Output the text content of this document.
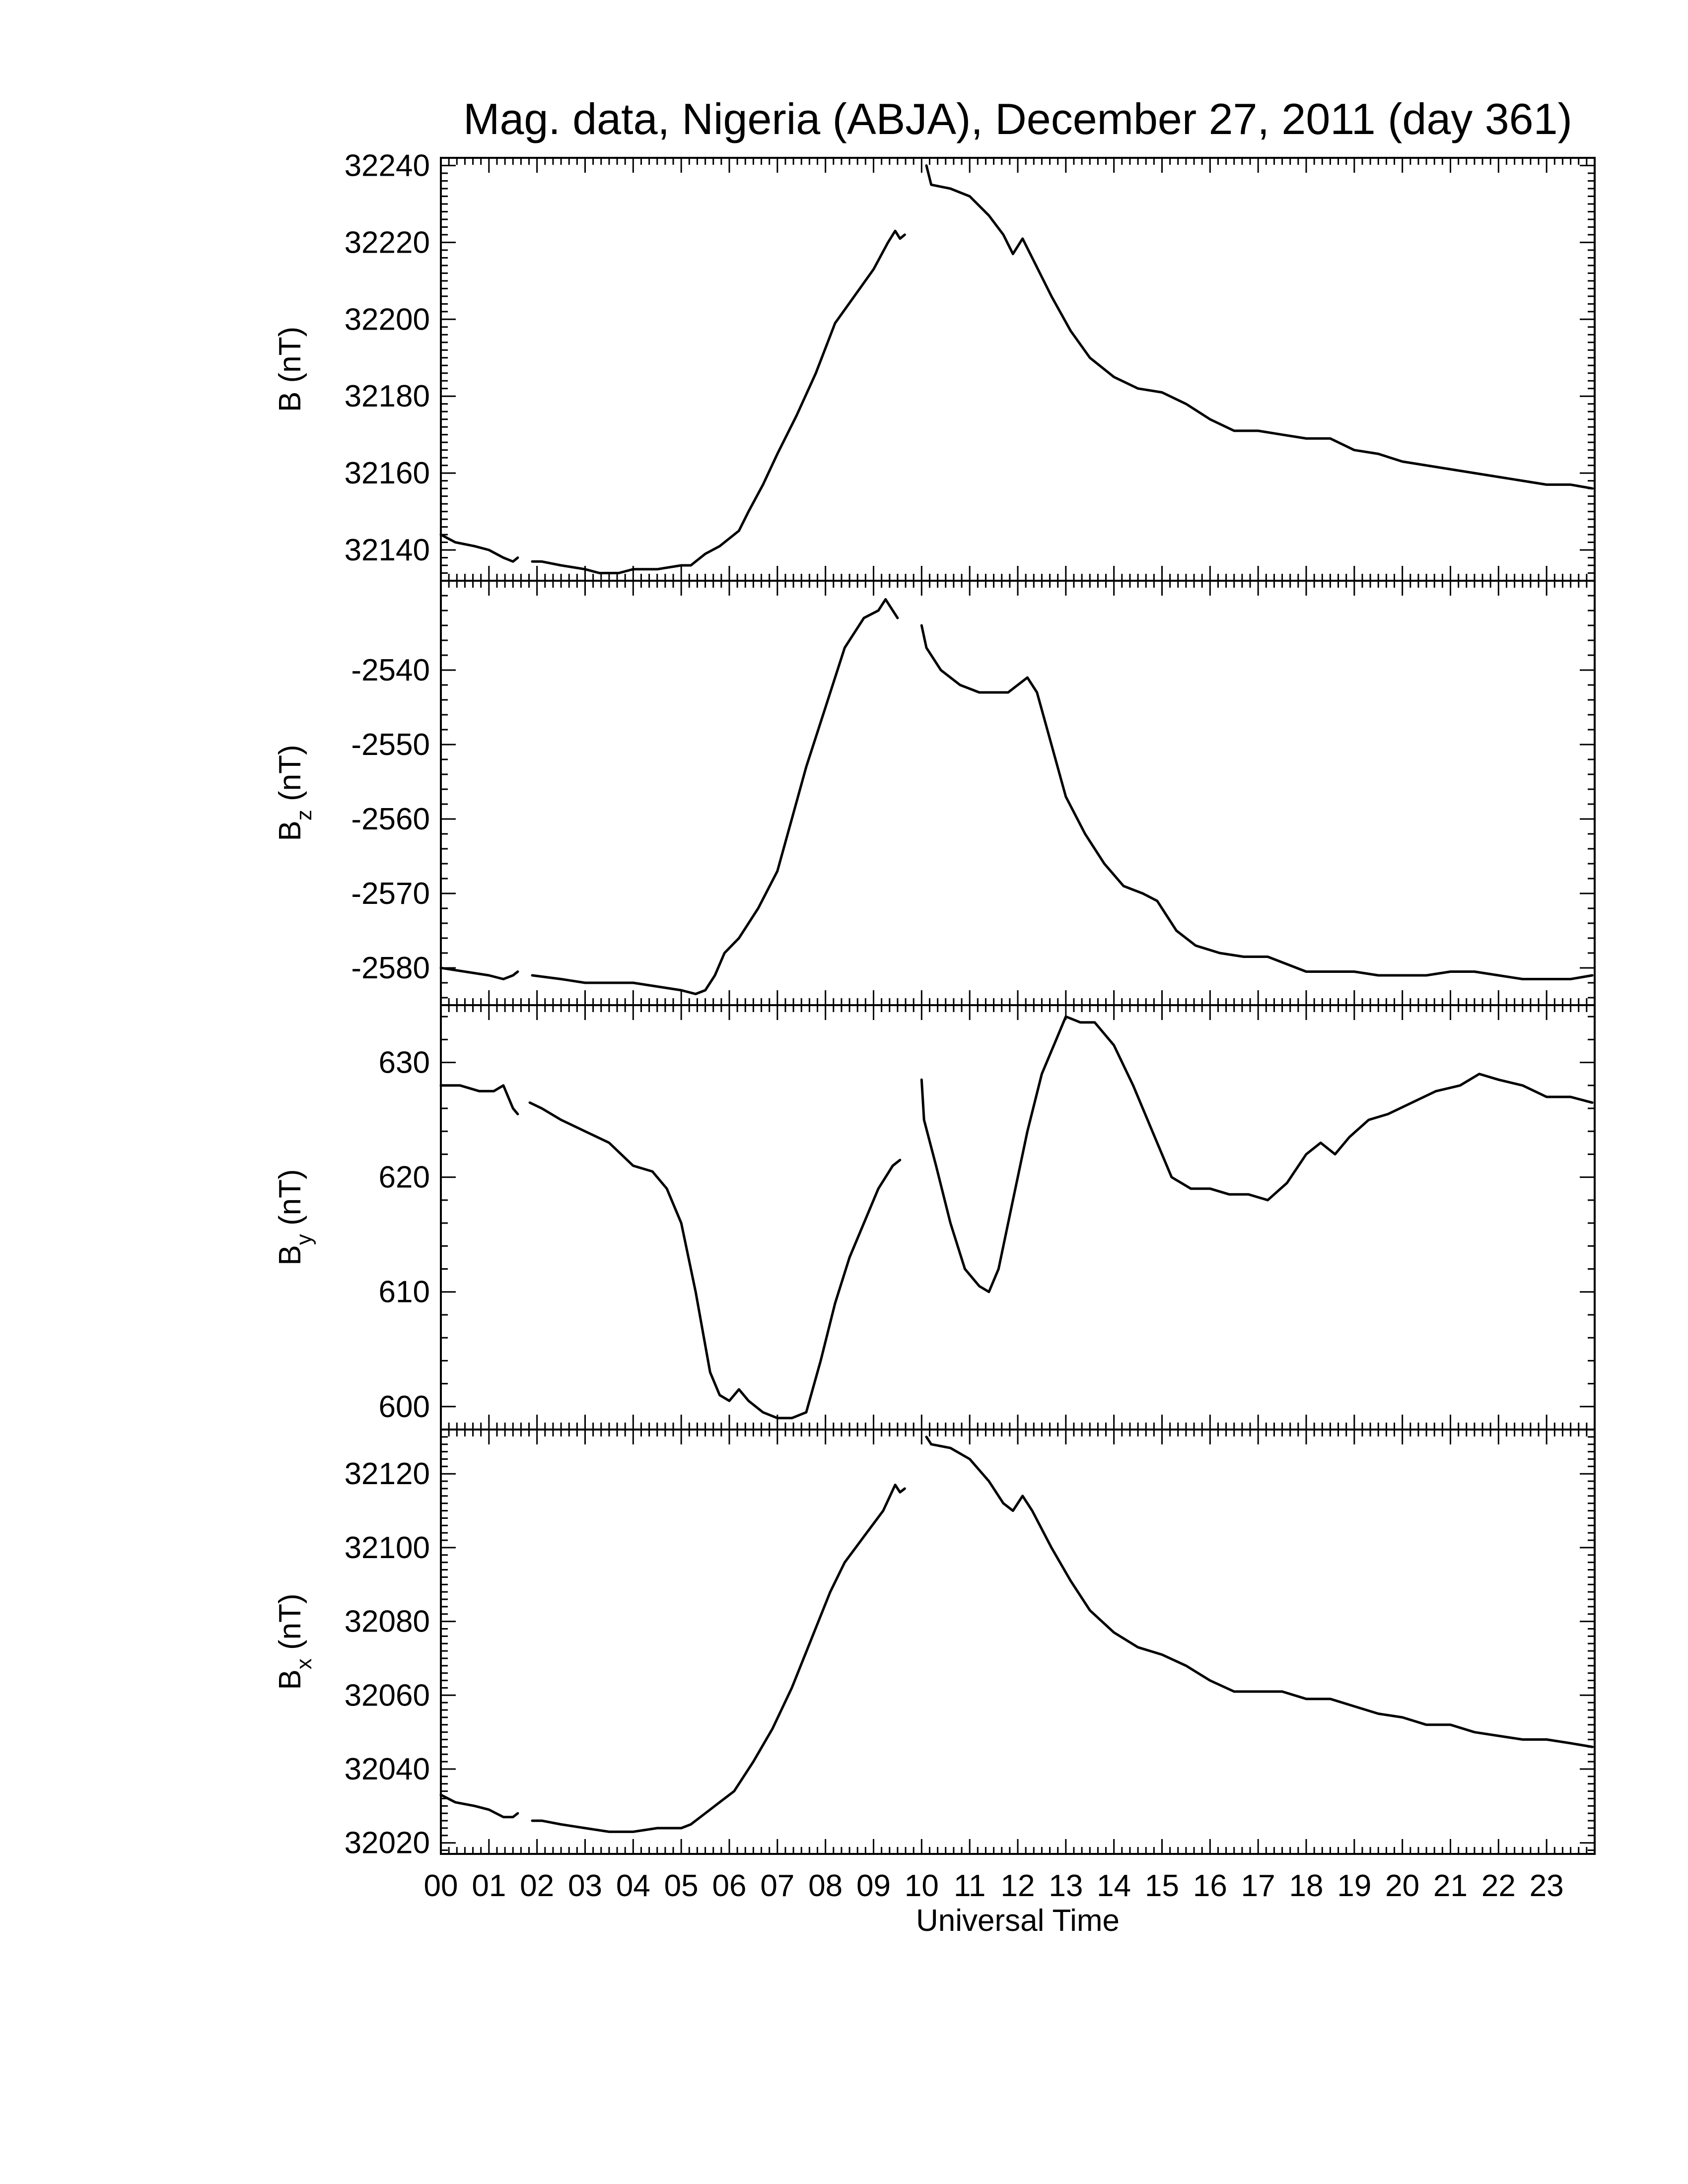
Mag. data, Nigeria (ABJA), December 27, 2011 (day 361)
32140
32160
32180
32200
32220
32240
B (nT)
-2580
-2570
-2560
-2550
-2540
$B_z$ (nT)
600
610
620
630
$B_y$ (nT)
32020
32040
32060
32080
32100
32120
$B_x$ (nT)
00 01 02 03 04 05 06 07 08 09 10 11 12 13 14 15 16 17 18 19 20 21 22 23
Universal Time
